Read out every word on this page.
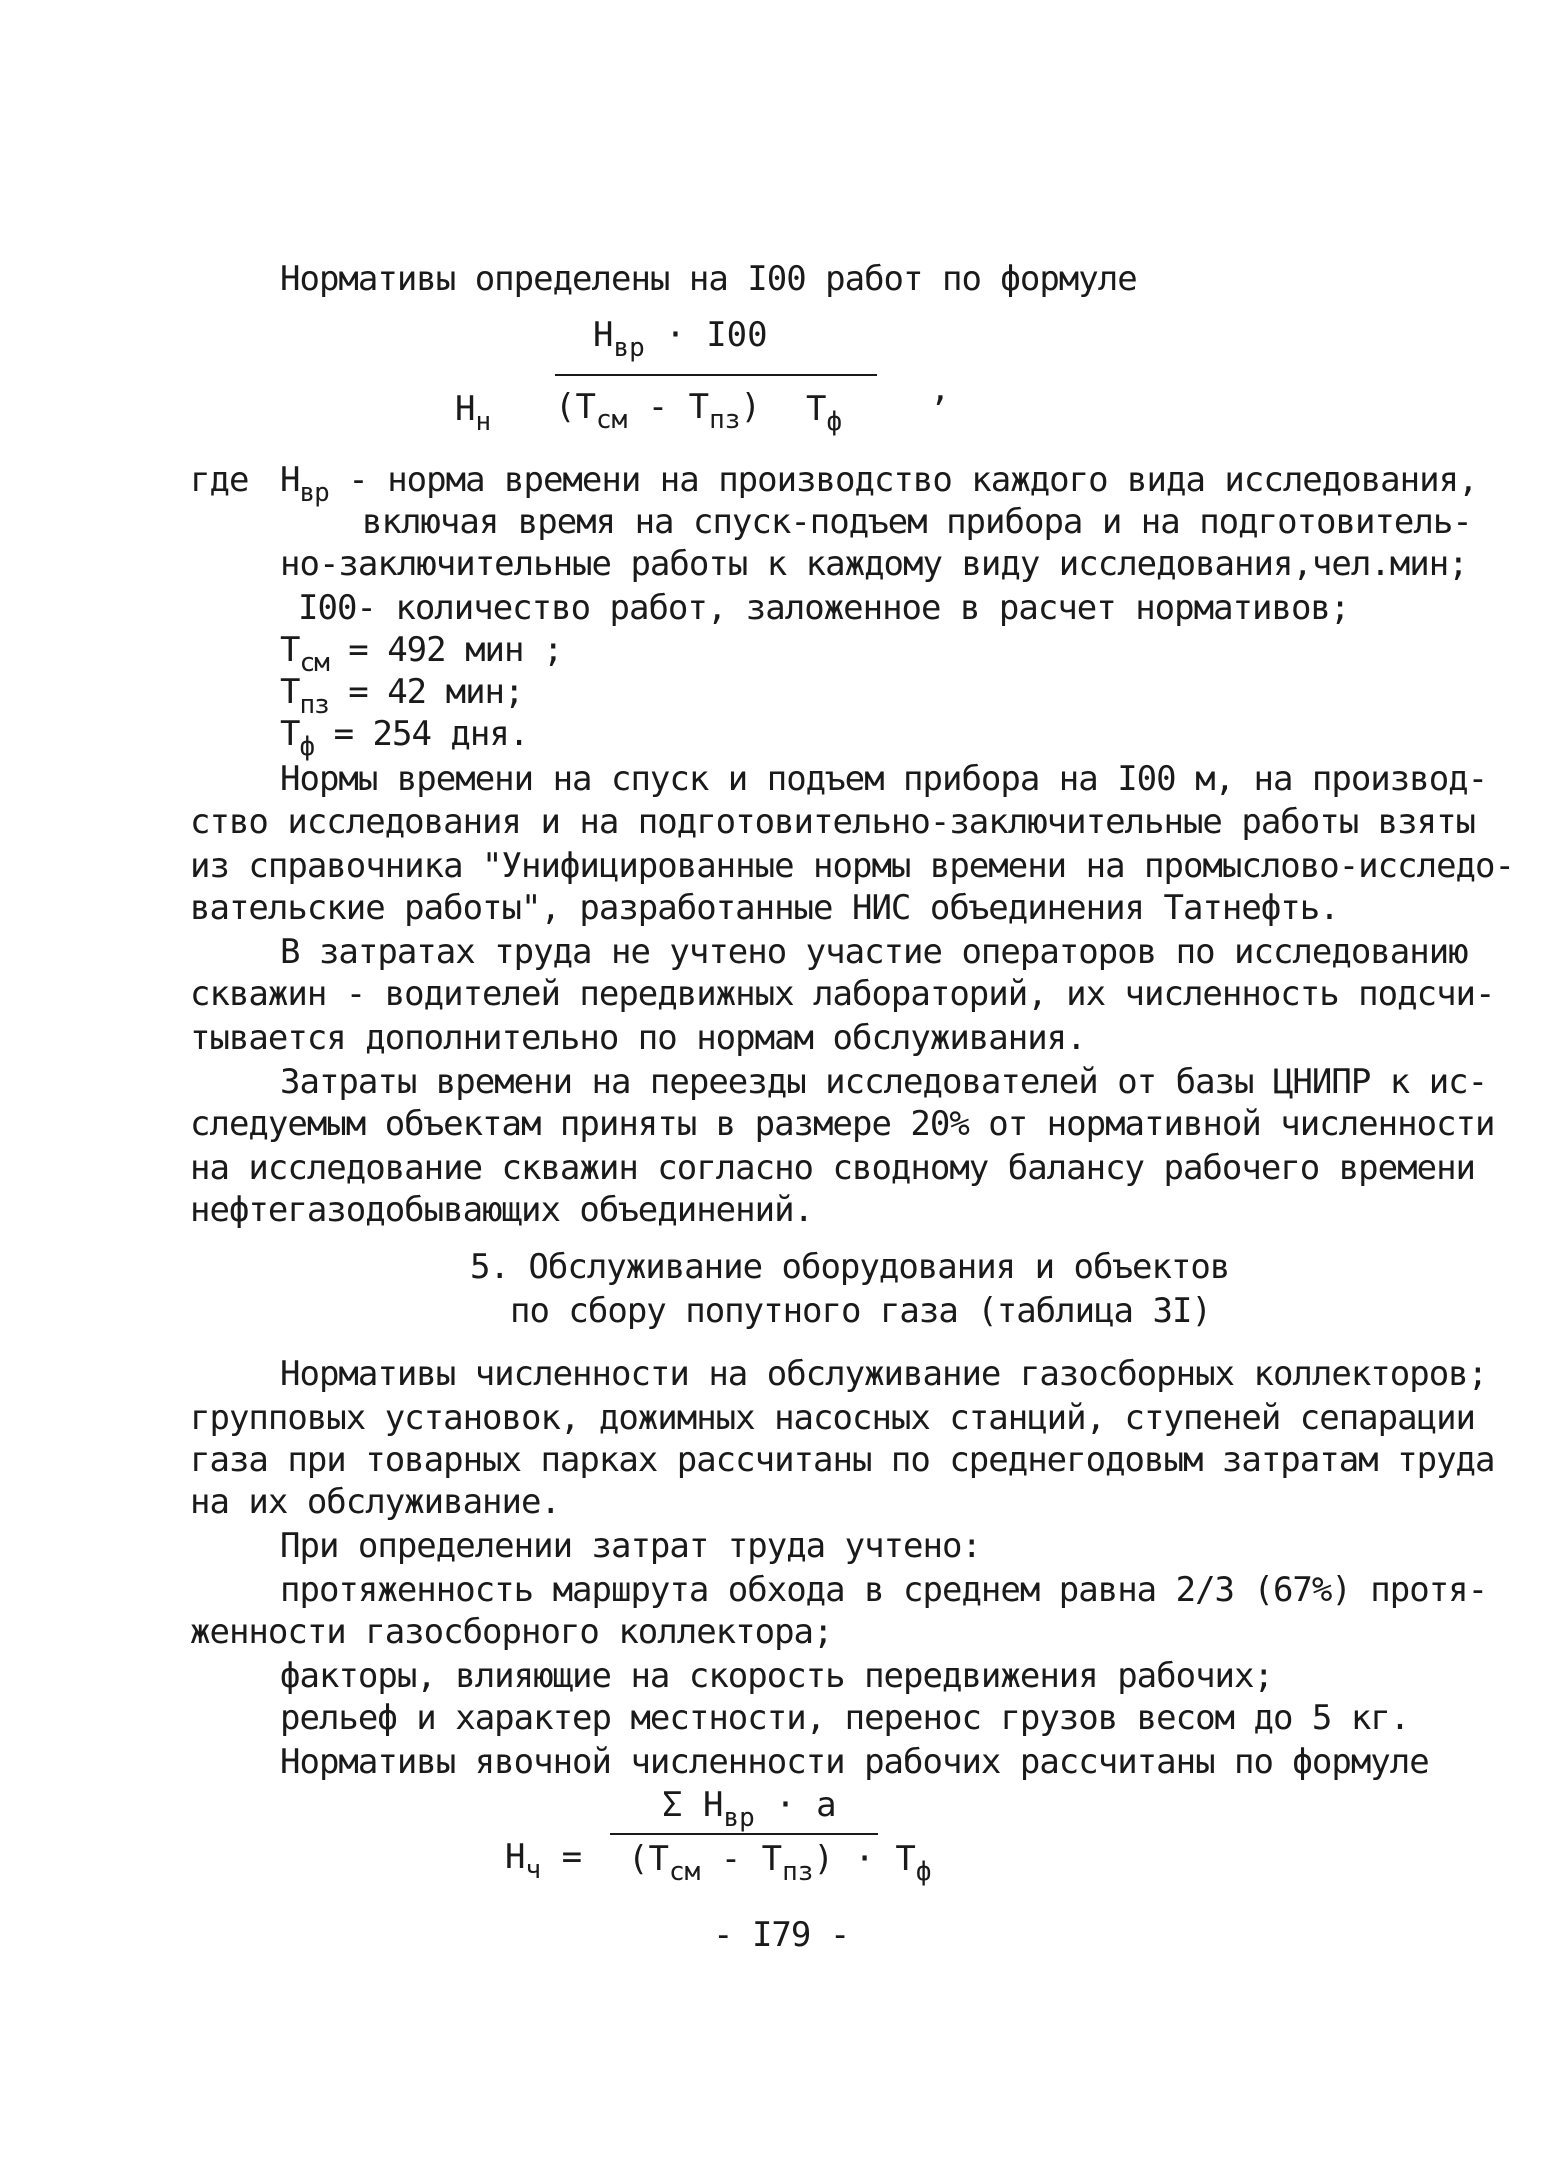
Нормативы определены на I00 работ по формуле
$Н_н$
$Н_{вр} \cdot I00$
$(Т_{см} - Т_{пз})$ $Т_ф$
,
где $Н_{вр}$ - норма времени на производство каждого вида исследования,
включая время на спуск-подъем прибора и на подготовитель-
но-заключительные работы к каждому виду исследования,чел.мин;
I00- количество работ, заложенное в расчет нормативов;
$Т_{см} = 492$ мин ;
$Т_{пз} = 42$ мин;
$Т_ф = 254$ дня.
Нормы времени на спуск и подъем прибора на I00 м, на производ-
ство исследования и на подготовительно-заключительные работы взяты
из справочника "Унифицированные нормы времени на промыслово-исследо-
вательские работы", разработанные НИС объединения Татнефть.
В затратах труда не учтено участие операторов по исследованию
скважин - водителей передвижных лабораторий, их численность подсчи-
тывается дополнительно по нормам обслуживания.
Затраты времени на переезды исследователей от базы ЦНИПР к ис-
следуемым объектам приняты в размере 20% от нормативной численности
на исследование скважин согласно сводному балансу рабочего времени
нефтегазодобывающих объединений.
5. Обслуживание оборудования и объектов
по сбору попутного газа (таблица 3I)
Нормативы численности на обслуживание газосборных коллекторов;
групповых установок, дожимных насосных станций, ступеней сепарации
газа при товарных парках рассчитаны по среднегодовым затратам труда
на их обслуживание.
При определении затрат труда учтено:
протяженность маршрута обхода в среднем равна 2/3 (67%) протя-
женности газосборного коллектора;
факторы, влияющие на скорость передвижения рабочих;
рельеф и характер местности, перенос грузов весом до 5 кг.
Нормативы явочной численности рабочих рассчитаны по формуле
$Н_ч$ =
Σ $Н_{вр} \cdot а$
$(Т_{см} - Т_{пз}) \cdot Т_ф$
- I79 -
